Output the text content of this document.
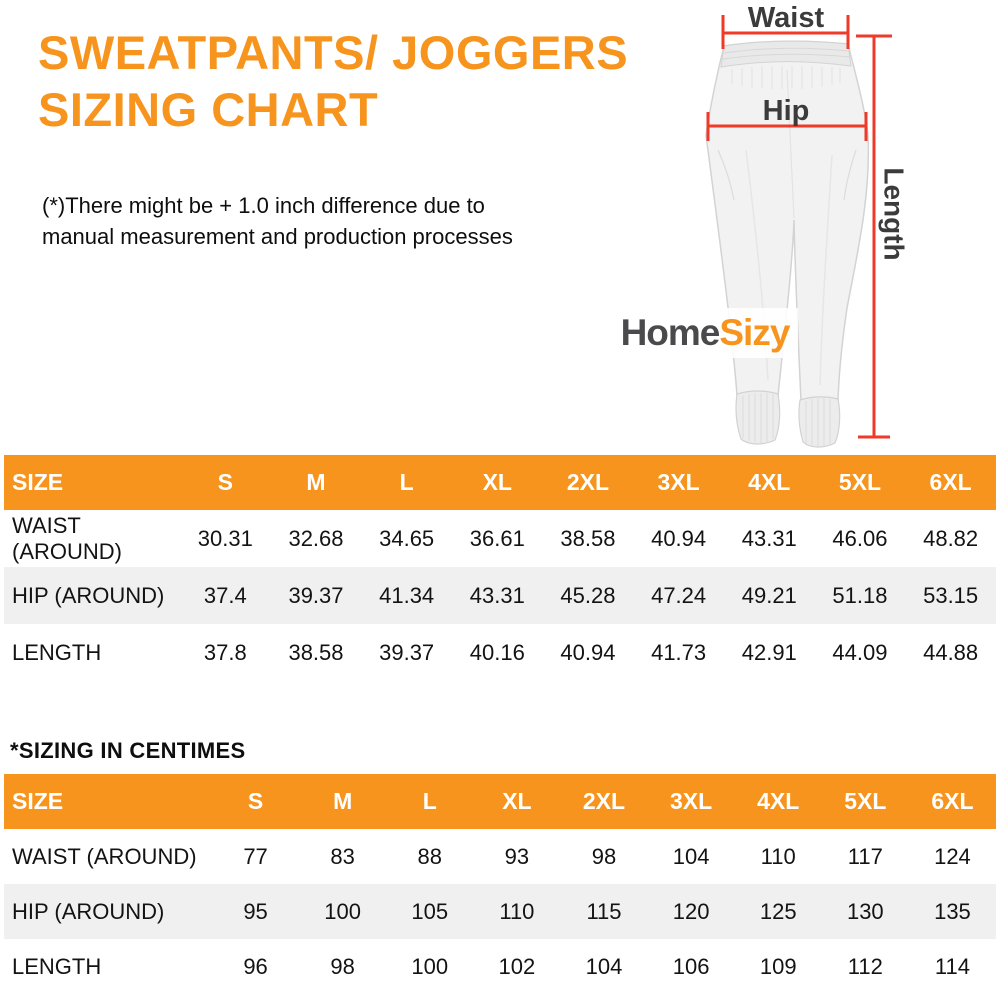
SWEATPANTS/ JOGGERS
SIZING CHART

(*)There might be + 1.0 inch difference due to
manual measurement and production processes

Waist
Hip
Length
Home Sizy
SIZE	S	M	L	XL	2XL	3XL	4XL	5XL	6XL
WAIST (AROUND)	30.31	32.68	34.65	36.61	38.58	40.94	43.31	46.06	48.82
HIP (AROUND)	37.4	39.37	41.34	43.31	45.28	47.24	49.21	51.18	53.15
LENGTH	37.8	38.58	39.37	40.16	40.94	41.73	42.91	44.09	44.88
*SIZING IN CENTIMES
SIZE	S	M	L	XL	2XL	3XL	4XL	5XL	6XL
WAIST (AROUND)	77	83	88	93	98	104	110	117	124
HIP (AROUND)	95	100	105	110	115	120	125	130	135
LENGTH	96	98	100	102	104	106	109	112	114
